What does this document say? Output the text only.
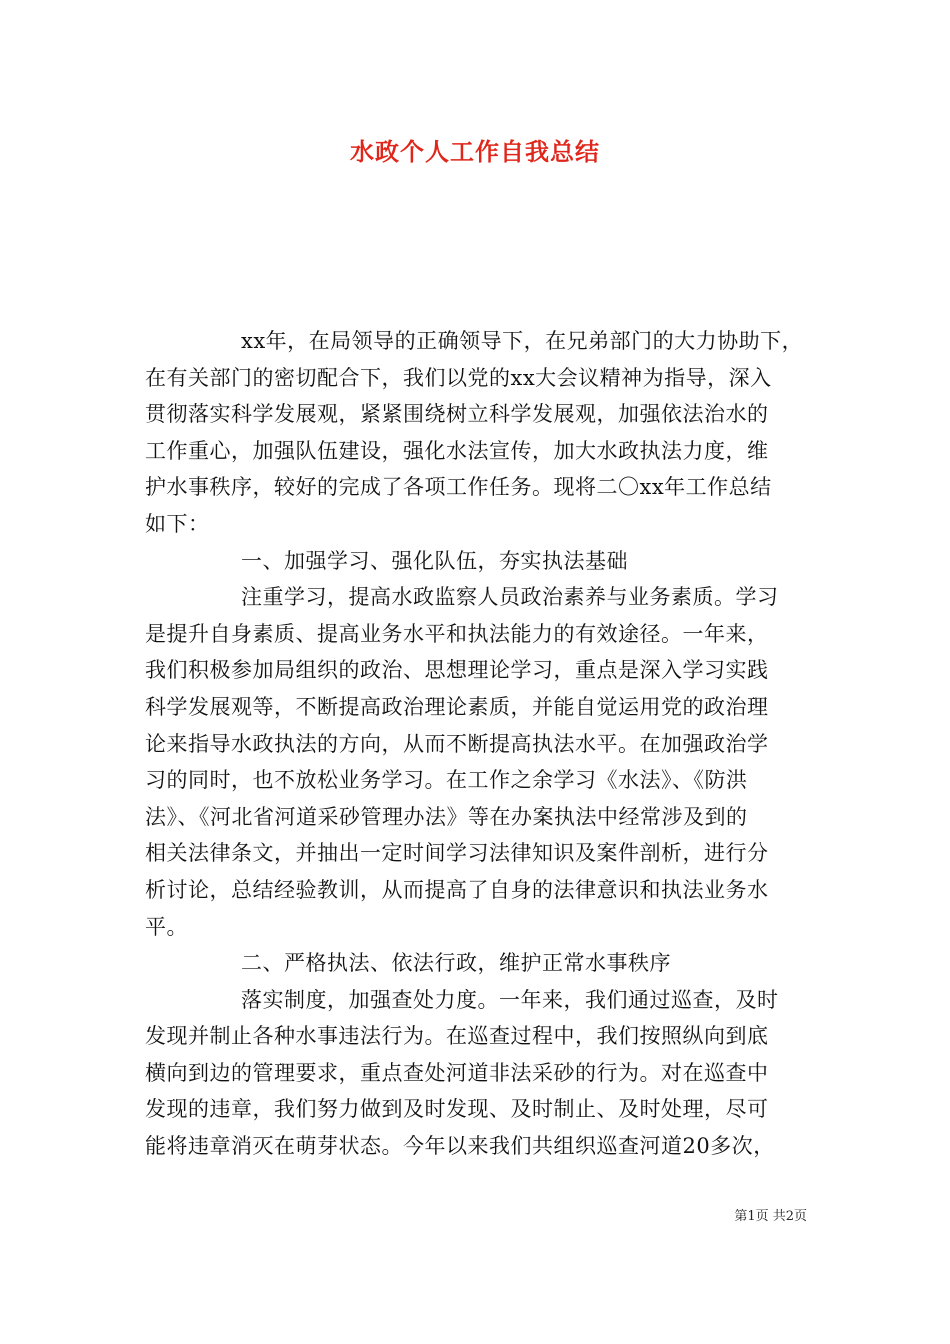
水政个人工作自我总结
xx年，在局领导的正确领导下，在兄弟部门的大力协助下，
在有关部门的密切配合下，我们以党的xx大会议精神为指导，深入
贯彻落实科学发展观，紧紧围绕树立科学发展观，加强依法治水的
工作重心，加强队伍建设，强化水法宣传，加大水政执法力度，维
护水事秩序，较好的完成了各项工作任务。现将二〇xx年工作总结
如下：
一、加强学习、强化队伍，夯实执法基础
注重学习，提高水政监察人员政治素养与业务素质。学习
是提升自身素质、提高业务水平和执法能力的有效途径。一年来，
我们积极参加局组织的政治、思想理论学习，重点是深入学习实践
科学发展观等，不断提高政治理论素质，并能自觉运用党的政治理
论来指导水政执法的方向，从而不断提高执法水平。在加强政治学
习的同时，也不放松业务学习。在工作之余学习《水法》、《防洪
法》、《河北省河道采砂管理办法》等在办案执法中经常涉及到的
相关法律条文，并抽出一定时间学习法律知识及案件剖析，进行分
析讨论，总结经验教训，从而提高了自身的法律意识和执法业务水
平。
二、严格执法、依法行政，维护正常水事秩序
落实制度，加强查处力度。一年来，我们通过巡查，及时
发现并制止各种水事违法行为。在巡查过程中，我们按照纵向到底
横向到边的管理要求，重点查处河道非法采砂的行为。对在巡查中
发现的违章，我们努力做到及时发现、及时制止、及时处理，尽可
能将违章消灭在萌芽状态。今年以来我们共组织巡查河道20多次，
第1页 共2页
